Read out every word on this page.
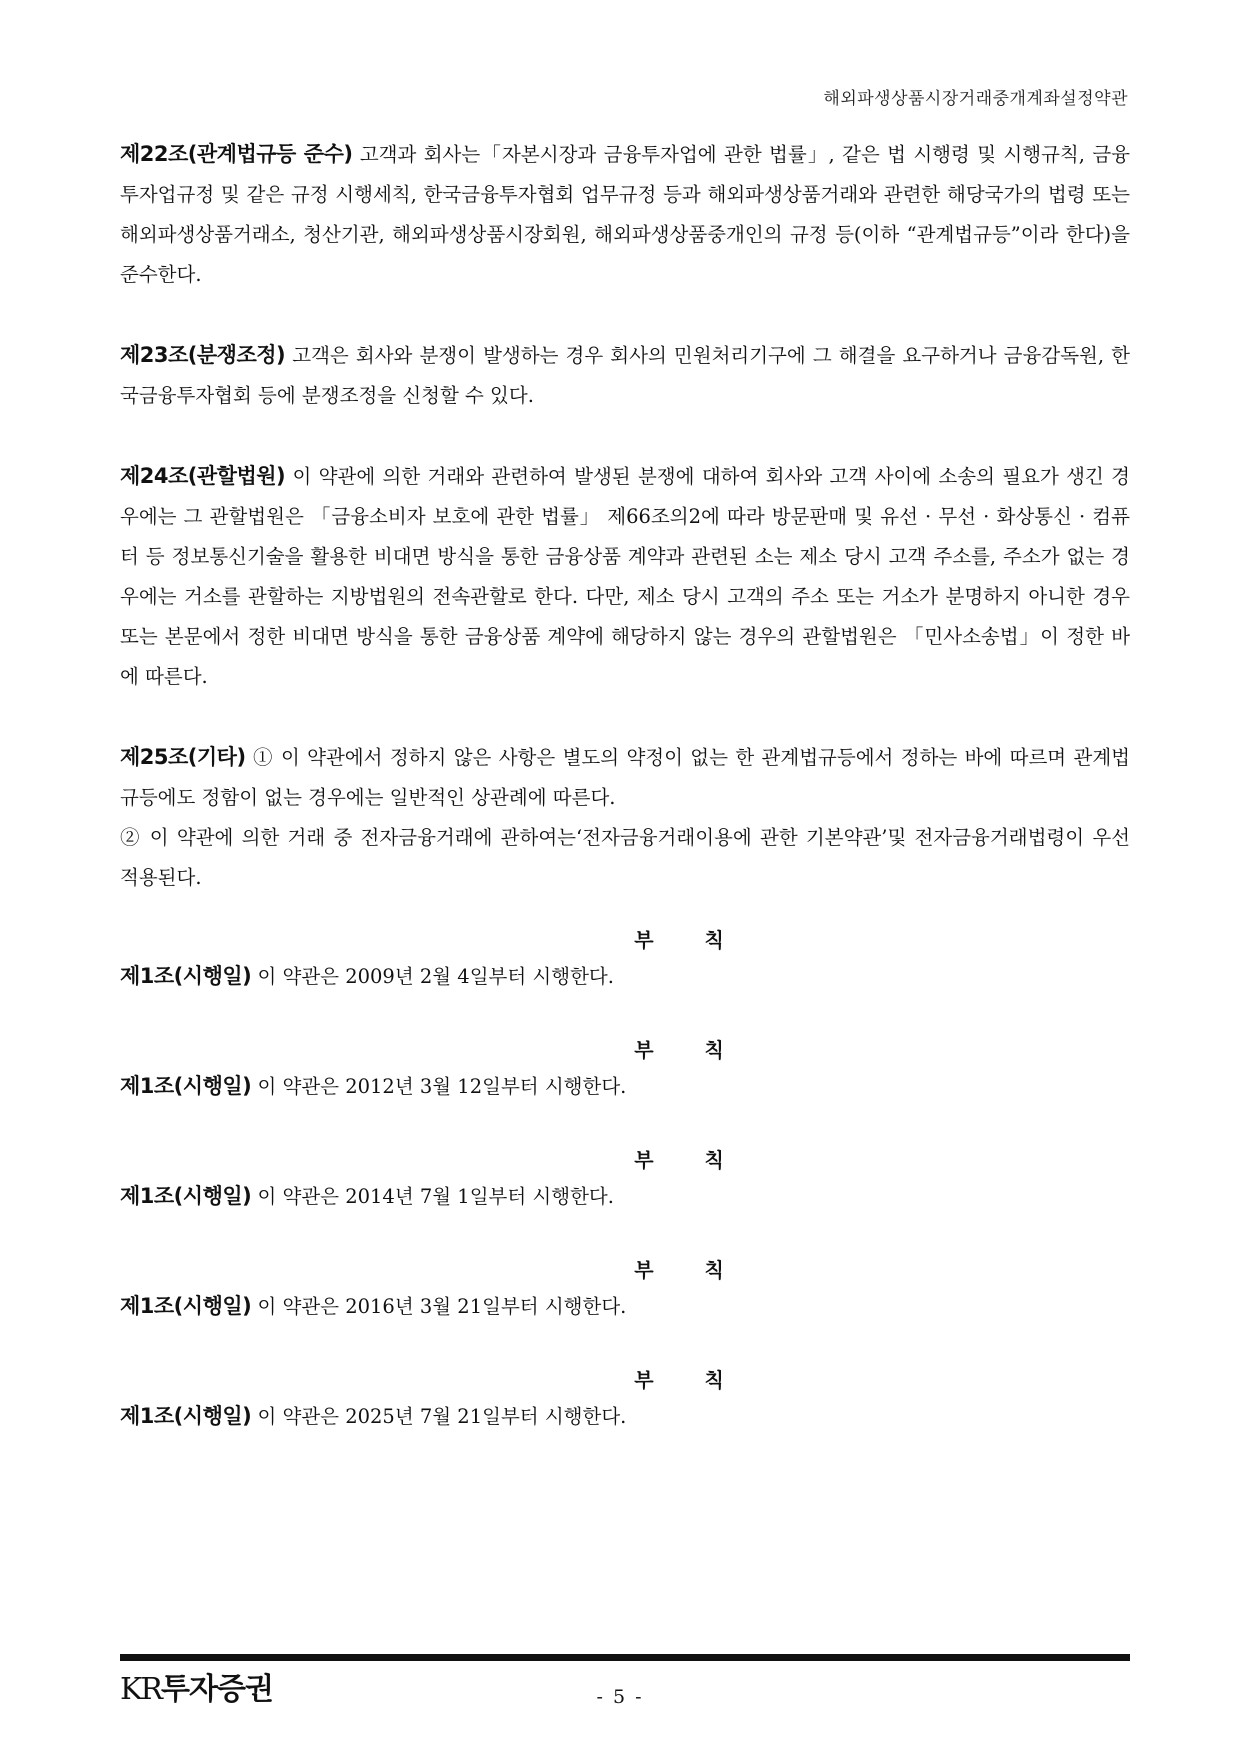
해외파생상품시장거래중개계좌설정약관

제22조(관계법규등 준수) 고객과 회사는「자본시장과 금융투자업에 관한 법률」, 같은 법 시행령 및 시행규칙, 금융투자업규정 및 같은 규정 시행세칙, 한국금융투자협회 업무규정 등과 해외파생상품거래와 관련한 해당국가의 법령 또는 해외파생상품거래소, 청산기관, 해외파생상품시장회원, 해외파생상품중개인의 규정 등(이하 “관계법규등”이라 한다)을 준수한다.

제23조(분쟁조정) 고객은 회사와 분쟁이 발생하는 경우 회사의 민원처리기구에 그 해결을 요구하거나 금융감독원, 한국금융투자협회 등에 분쟁조정을 신청할 수 있다.

제24조(관할법원) 이 약관에 의한 거래와 관련하여 발생된 분쟁에 대하여 회사와 고객 사이에 소송의 필요가 생긴 경우에는 그 관할법원은 「금융소비자 보호에 관한 법률」 제66조의2에 따라 방문판매 및 유선 · 무선 · 화상통신 · 컴퓨터 등 정보통신기술을 활용한 비대면 방식을 통한 금융상품 계약과 관련된 소는 제소 당시 고객 주소를, 주소가 없는 경우에는 거소를 관할하는 지방법원의 전속관할로 한다. 다만, 제소 당시 고객의 주소 또는 거소가 분명하지 아니한 경우 또는 본문에서 정한 비대면 방식을 통한 금융상품 계약에 해당하지 않는 경우의 관할법원은 「민사소송법」이 정한 바에 따른다.

제25조(기타) ① 이 약관에서 정하지 않은 사항은 별도의 약정이 없는 한 관계법규등에서 정하는 바에 따르며 관계법규등에도 정함이 없는 경우에는 일반적인 상관례에 따른다.

② 이 약관에 의한 거래 중 전자금융거래에 관하여는‘전자금융거래이용에 관한 기본약관’및 전자금융거래법령이 우선 적용된다.

부 칙
제1조(시행일) 이 약관은 2009년 2월 4일부터 시행한다.
부 칙
제1조(시행일) 이 약관은 2012년 3월 12일부터 시행한다.
부 칙
제1조(시행일) 이 약관은 2014년 7월 1일부터 시행한다.
부 칙
제1조(시행일) 이 약관은 2016년 3월 21일부터 시행한다.
부 칙
제1조(시행일) 이 약관은 2025년 7월 21일부터 시행한다.
KR투자증권	- 5 -
